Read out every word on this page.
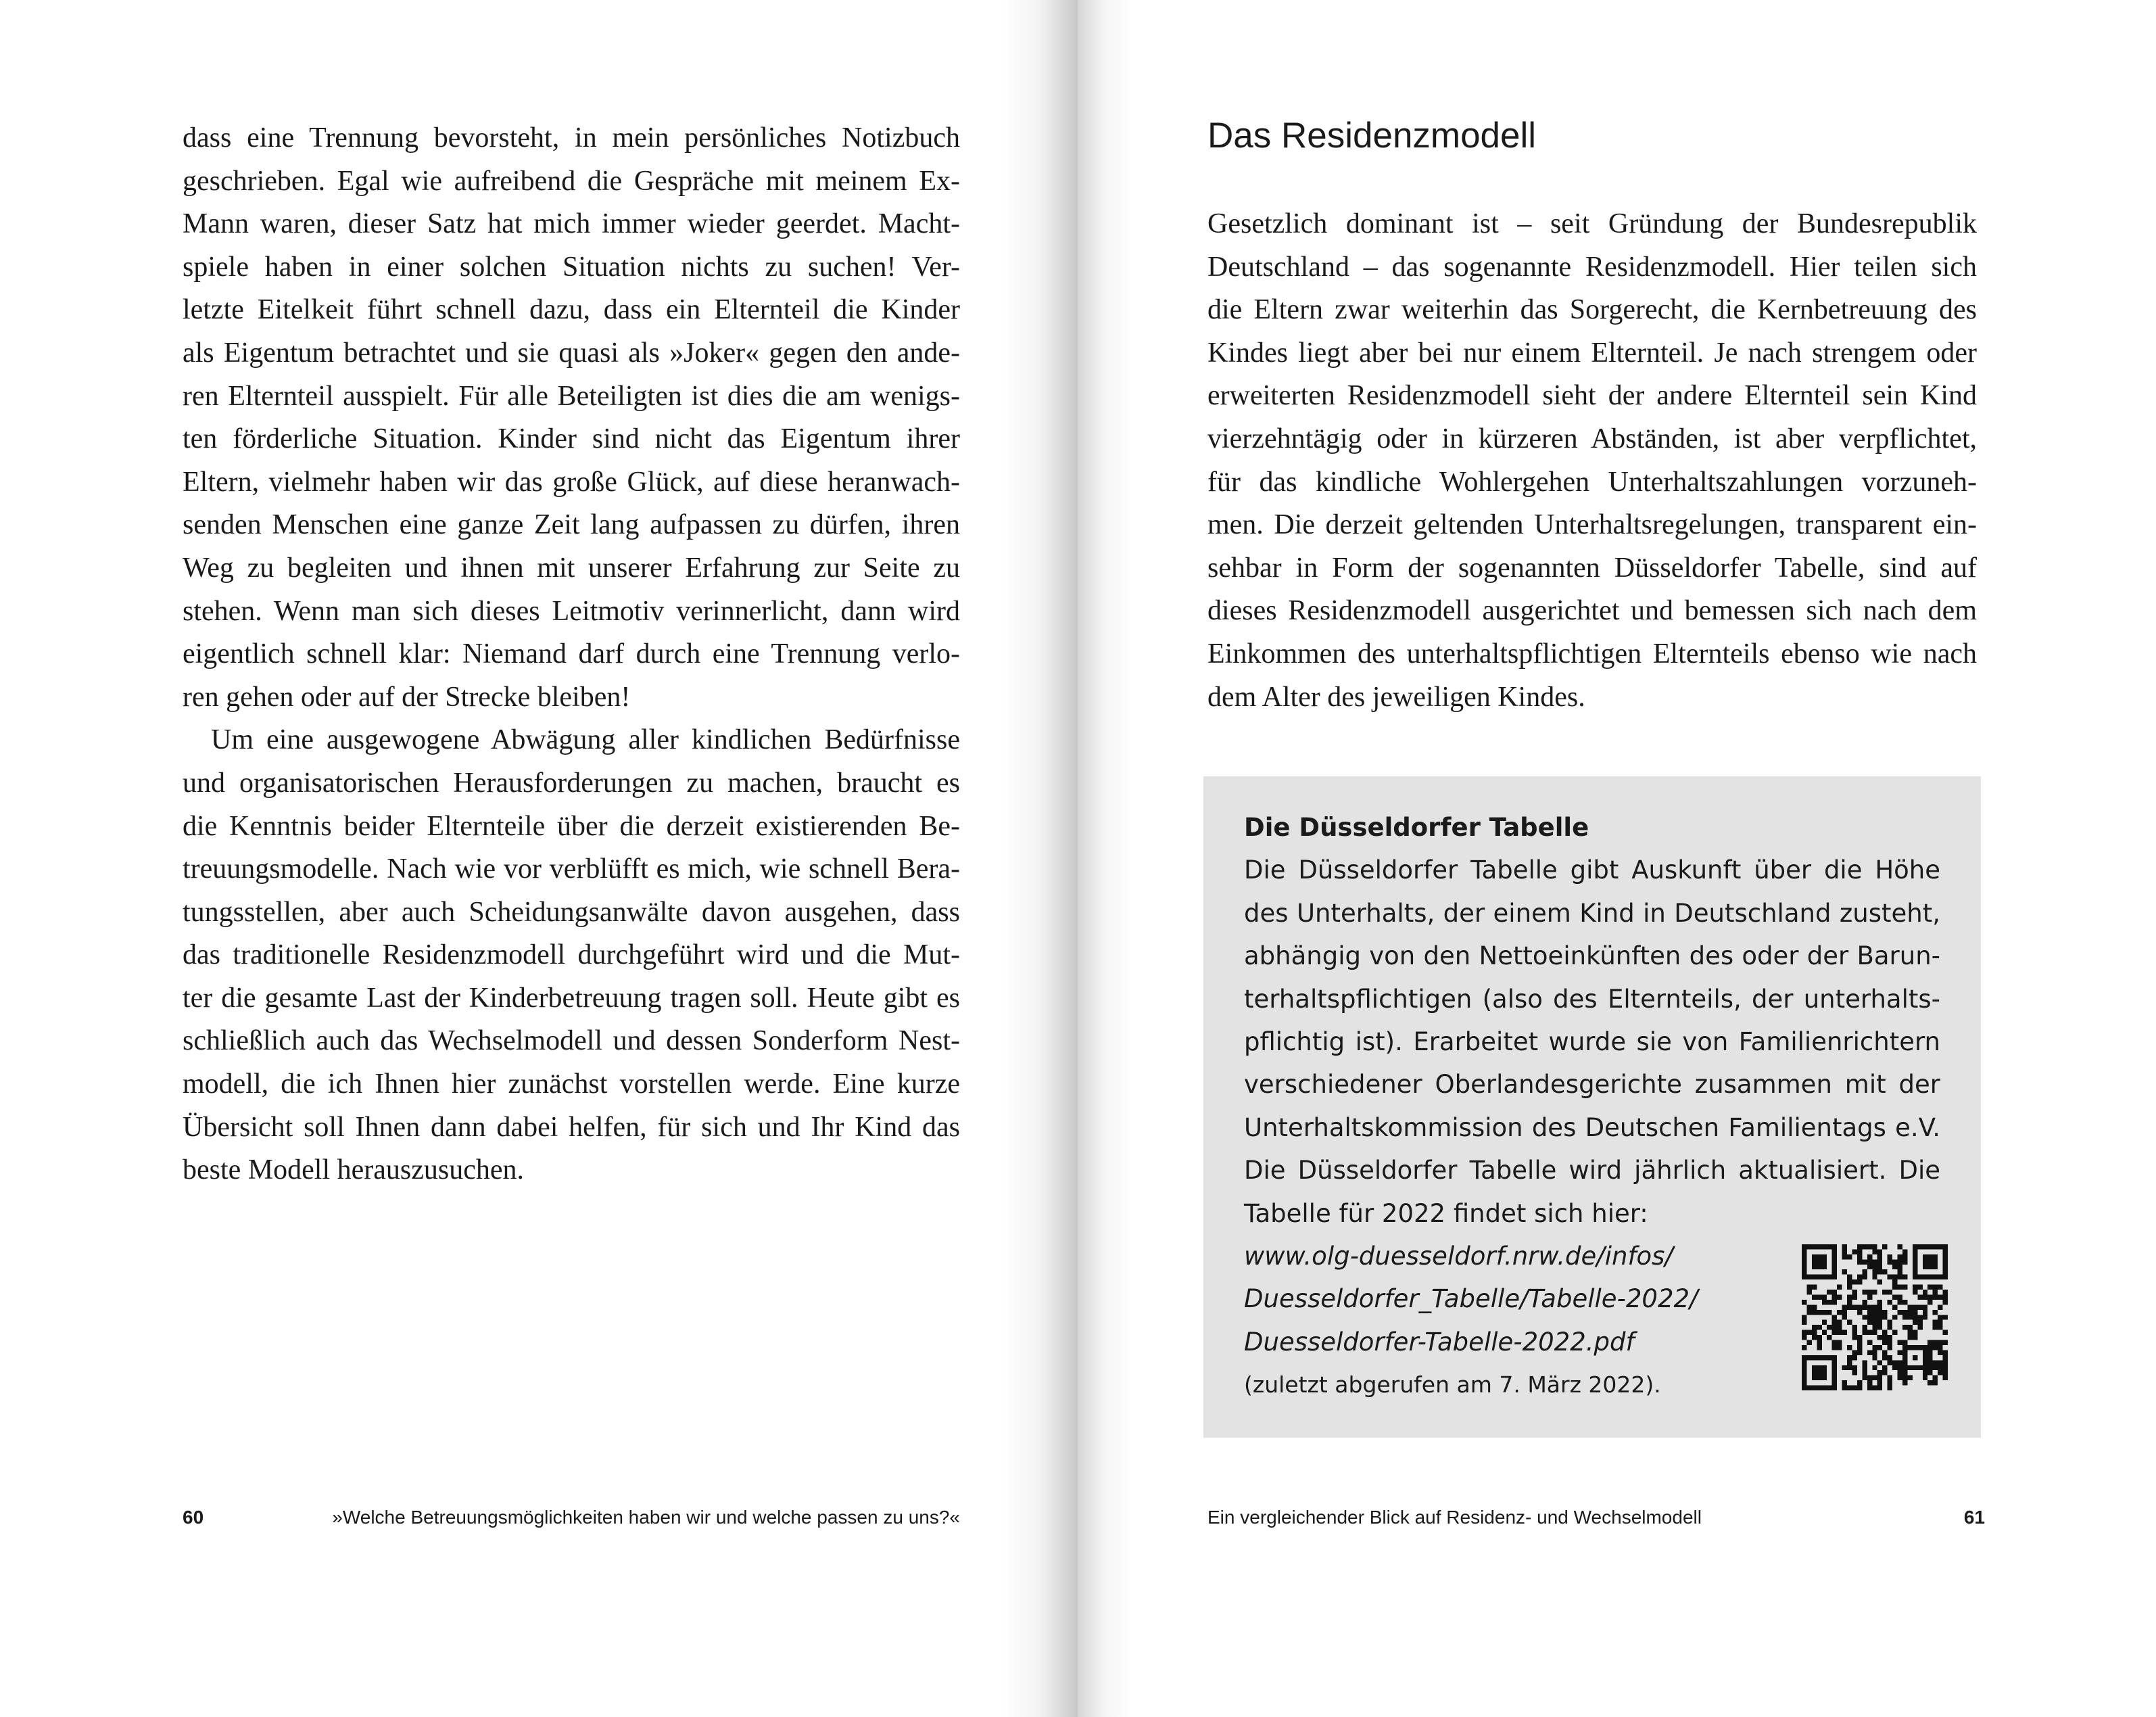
dass eine Trennung bevorsteht, in mein persönliches Notizbuch
geschrieben. Egal wie aufreibend die Gespräche mit meinem Ex-
Mann waren, dieser Satz hat mich immer wieder geerdet. Macht-
spiele haben in einer solchen Situation nichts zu suchen! Ver-
letzte Eitelkeit führt schnell dazu, dass ein Elternteil die Kinder
als Eigentum betrachtet und sie quasi als »Joker« gegen den ande-
ren Elternteil ausspielt. Für alle Beteiligten ist dies die am wenigs-
ten förderliche Situation. Kinder sind nicht das Eigentum ihrer
Eltern, vielmehr haben wir das große Glück, auf diese heranwach-
senden Menschen eine ganze Zeit lang aufpassen zu dürfen, ihren
Weg zu begleiten und ihnen mit unserer Erfahrung zur Seite zu
stehen. Wenn man sich dieses Leitmotiv verinnerlicht, dann wird
eigentlich schnell klar: Niemand darf durch eine Trennung verlo-
ren gehen oder auf der Strecke bleiben!
Um eine ausgewogene Abwägung aller kindlichen Bedürfnisse
und organisatorischen Herausforderungen zu machen, braucht es
die Kenntnis beider Elternteile über die derzeit existierenden Be-
treuungsmodelle. Nach wie vor verblüfft es mich, wie schnell Bera-
tungsstellen, aber auch Scheidungsanwälte davon ausgehen, dass
das traditionelle Residenzmodell durchgeführt wird und die Mut-
ter die gesamte Last der Kinderbetreuung tragen soll. Heute gibt es
schließlich auch das Wechselmodell und dessen Sonderform Nest-
modell, die ich Ihnen hier zunächst vorstellen werde. Eine kurze
Übersicht soll Ihnen dann dabei helfen, für sich und Ihr Kind das
beste Modell herauszusuchen.
60	»Welche Betreuungsmöglichkeiten haben wir und welche passen zu uns?«
Das Residenzmodell
Gesetzlich dominant ist – seit Gründung der Bundesrepublik
Deutschland – das sogenannte Residenzmodell. Hier teilen sich
die Eltern zwar weiterhin das Sorgerecht, die Kernbetreuung des
Kindes liegt aber bei nur einem Elternteil. Je nach strengem oder
erweiterten Residenzmodell sieht der andere Elternteil sein Kind
vierzehntägig oder in kürzeren Abständen, ist aber verpflichtet,
für das kindliche Wohlergehen Unterhaltszahlungen vorzuneh-
men. Die derzeit geltenden Unterhaltsregelungen, transparent ein-
sehbar in Form der sogenannten Düsseldorfer Tabelle, sind auf
dieses Residenzmodell ausgerichtet und bemessen sich nach dem
Einkommen des unterhaltspflichtigen Elternteils ebenso wie nach
dem Alter des jeweiligen Kindes.
Die Düsseldorfer Tabelle
Die Düsseldorfer Tabelle gibt Auskunft über die Höhe
des Unterhalts, der einem Kind in Deutschland zusteht,
abhängig von den Nettoeinkünften des oder der Barun-
terhaltspflichtigen (also des Elternteils, der unterhalts-
pflichtig ist). Erarbeitet wurde sie von Familienrichtern
verschiedener Oberlandesgerichte zusammen mit der
Unterhaltskommission des Deutschen Familientags e.V.
Die Düsseldorfer Tabelle wird jährlich aktualisiert. Die
Tabelle für 2022 findet sich hier:
www.olg-duesseldorf.nrw.de/infos/
Duesseldorfer_Tabelle/Tabelle-2022/
Duesseldorfer-Tabelle-2022.pdf
(zuletzt abgerufen am 7. März 2022).
Ein vergleichender Blick auf Residenz- und Wechselmodell	61
